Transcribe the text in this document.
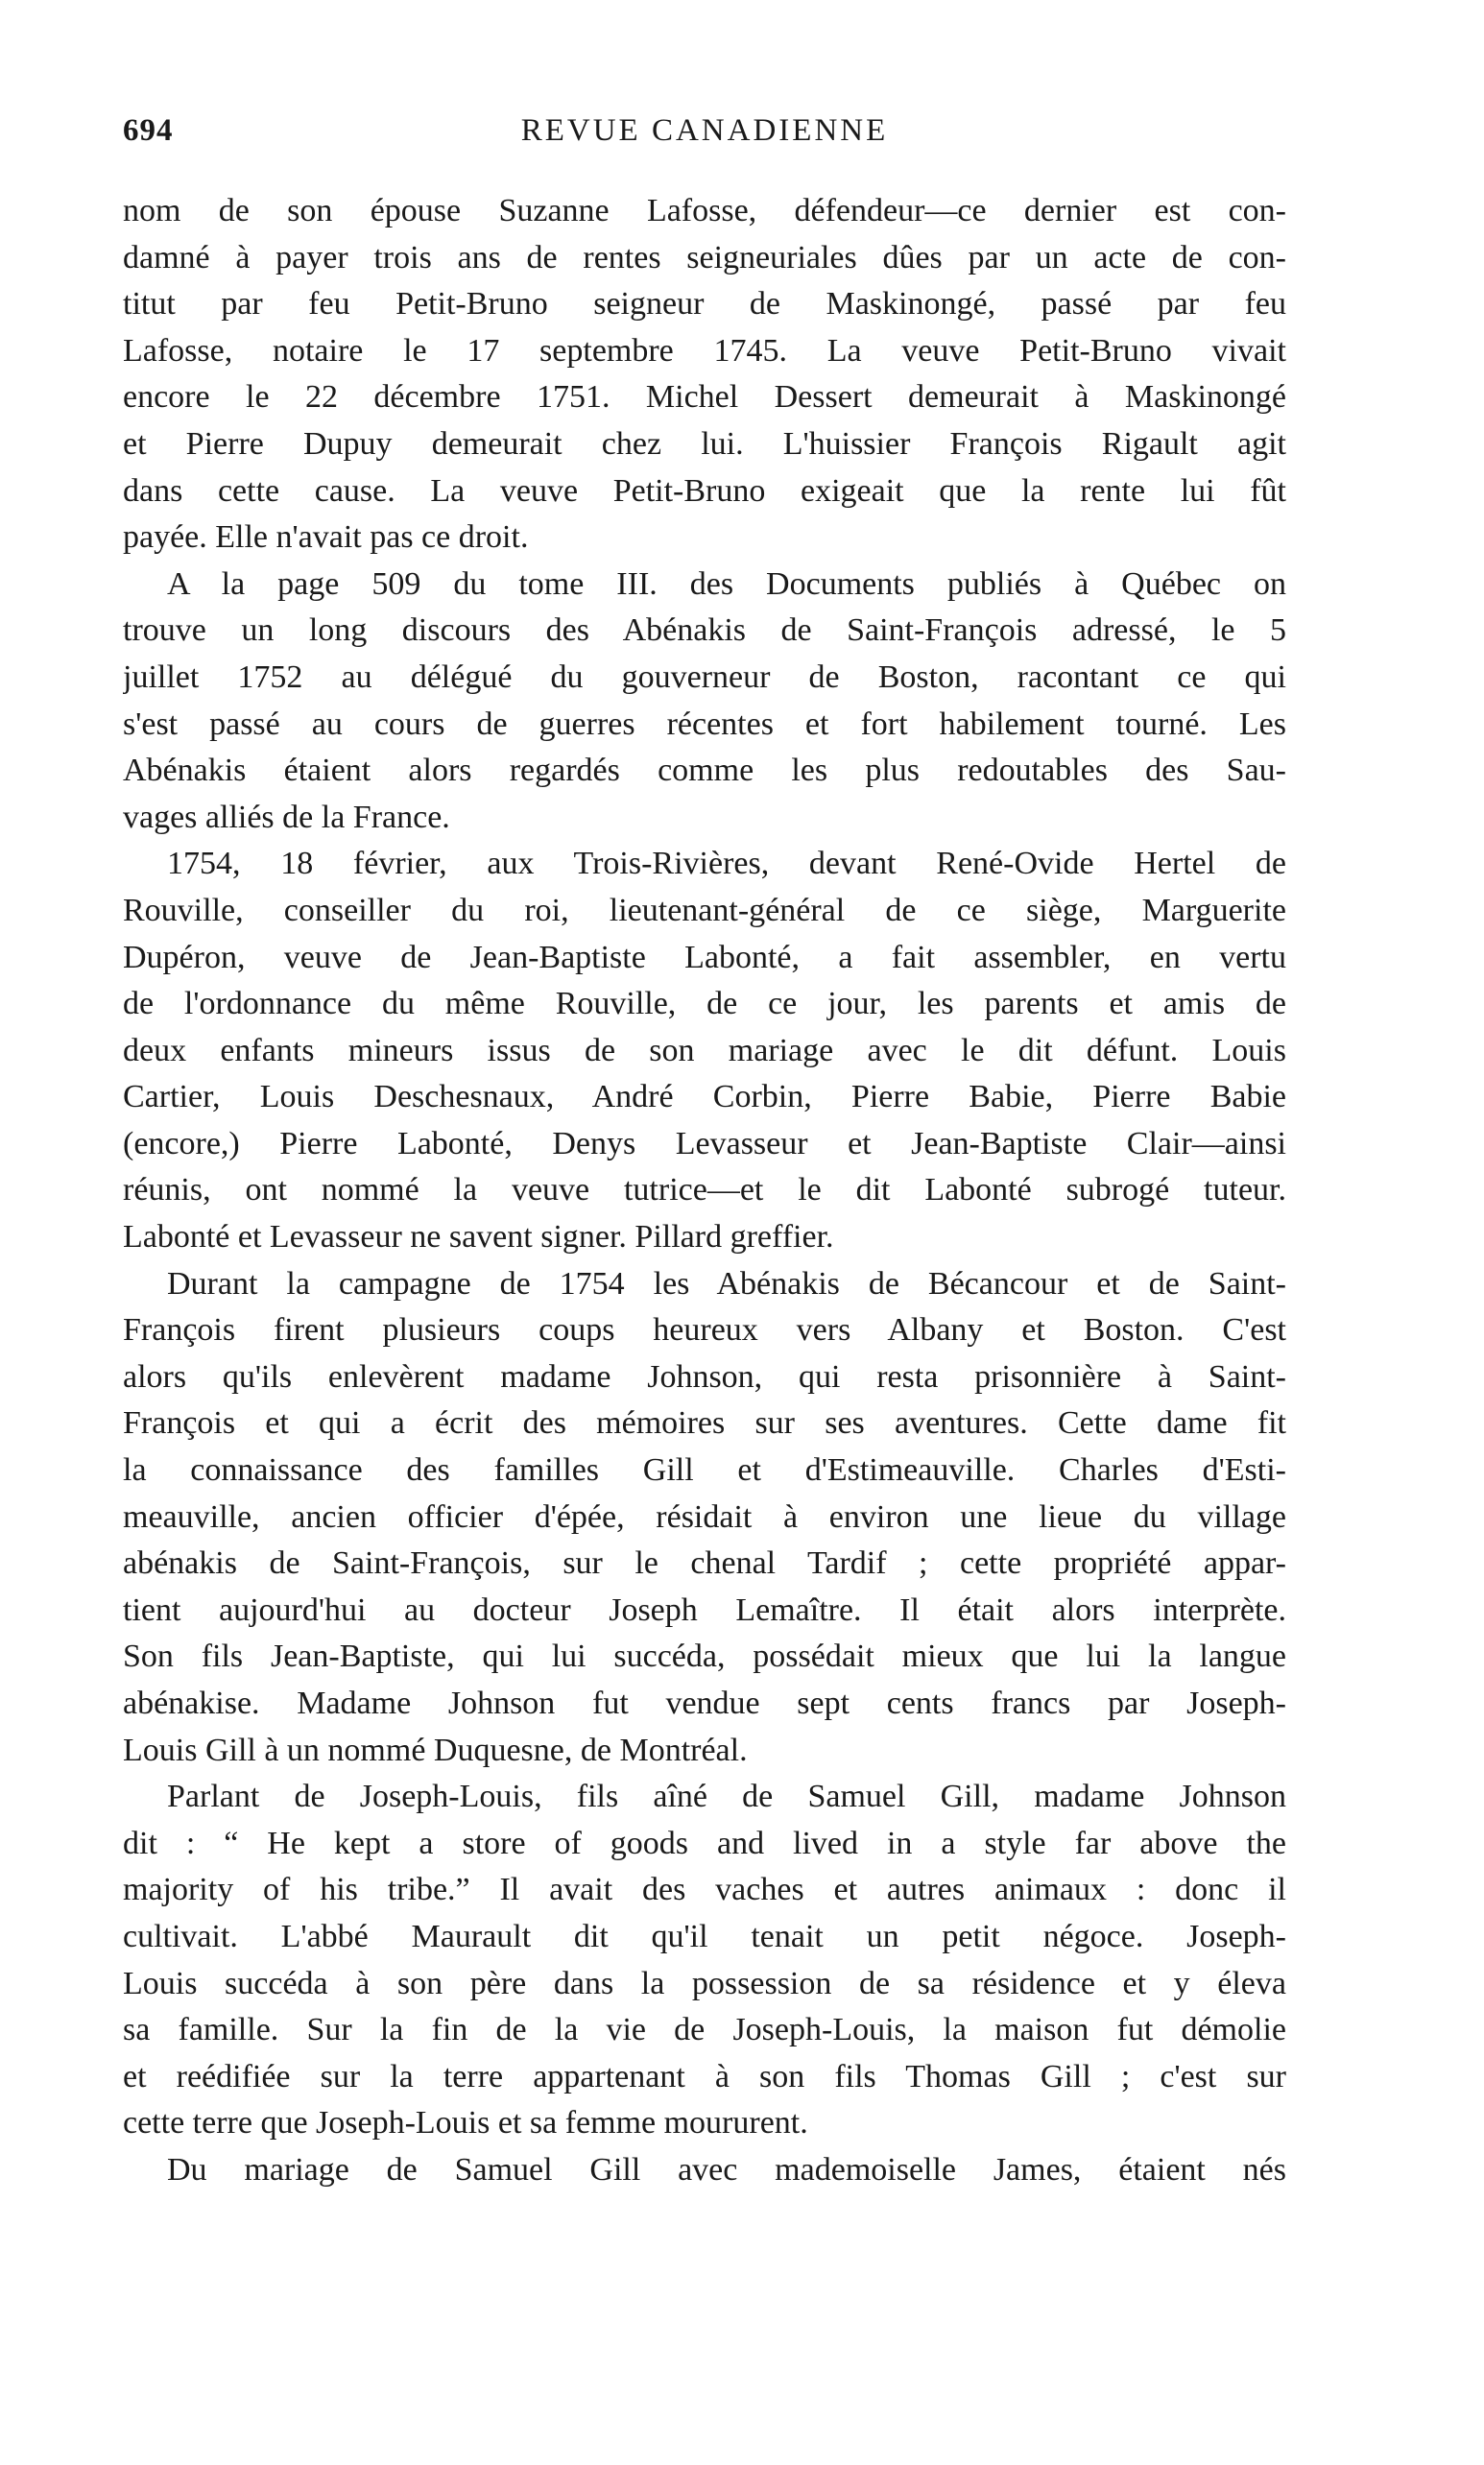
694	REVUE CANADIENNE
nom de son épouse Suzanne Lafosse, défendeur—ce dernier est con-
damné à payer trois ans de rentes seigneuriales dûes par un acte de con-
titut par feu Petit-Bruno seigneur de Maskinongé, passé par feu
Lafosse, notaire le 17 septembre 1745. La veuve Petit-Bruno vivait
encore le 22 décembre 1751. Michel Dessert demeurait à Maskinongé
et Pierre Dupuy demeurait chez lui. L'huissier François Rigault agit
dans cette cause. La veuve Petit-Bruno exigeait que la rente lui fût
payée. Elle n'avait pas ce droit.
A la page 509 du tome III. des Documents publiés à Québec on
trouve un long discours des Abénakis de Saint-François adressé, le 5
juillet 1752 au délégué du gouverneur de Boston, racontant ce qui
s'est passé au cours de guerres récentes et fort habilement tourné. Les
Abénakis étaient alors regardés comme les plus redoutables des Sau-
vages alliés de la France.
1754, 18 février, aux Trois-Rivières, devant René-Ovide Hertel de
Rouville, conseiller du roi, lieutenant-général de ce siège, Marguerite
Dupéron, veuve de Jean-Baptiste Labonté, a fait assembler, en vertu
de l'ordonnance du même Rouville, de ce jour, les parents et amis de
deux enfants mineurs issus de son mariage avec le dit défunt. Louis
Cartier, Louis Deschesnaux, André Corbin, Pierre Babie, Pierre Babie
(encore,) Pierre Labonté, Denys Levasseur et Jean-Baptiste Clair—ainsi
réunis, ont nommé la veuve tutrice—et le dit Labonté subrogé tuteur.
Labonté et Levasseur ne savent signer. Pillard greffier.
Durant la campagne de 1754 les Abénakis de Bécancour et de Saint-
François firent plusieurs coups heureux vers Albany et Boston. C'est
alors qu'ils enlevèrent madame Johnson, qui resta prisonnière à Saint-
François et qui a écrit des mémoires sur ses aventures. Cette dame fit
la connaissance des familles Gill et d'Estimeauville. Charles d'Esti-
meauville, ancien officier d'épée, résidait à environ une lieue du village
abénakis de Saint-François, sur le chenal Tardif ; cette propriété appar-
tient aujourd'hui au docteur Joseph Lemaître. Il était alors interprète.
Son fils Jean-Baptiste, qui lui succéda, possédait mieux que lui la langue
abénakise. Madame Johnson fut vendue sept cents francs par Joseph-
Louis Gill à un nommé Duquesne, de Montréal.
Parlant de Joseph-Louis, fils aîné de Samuel Gill, madame Johnson
dit : “ He kept a store of goods and lived in a style far above the
majority of his tribe.” Il avait des vaches et autres animaux : donc il
cultivait. L'abbé Maurault dit qu'il tenait un petit négoce. Joseph-
Louis succéda à son père dans la possession de sa résidence et y éleva
sa famille. Sur la fin de la vie de Joseph-Louis, la maison fut démolie
et reédifiée sur la terre appartenant à son fils Thomas Gill ; c'est sur
cette terre que Joseph-Louis et sa femme moururent.
Du mariage de Samuel Gill avec mademoiselle James, étaient nés
